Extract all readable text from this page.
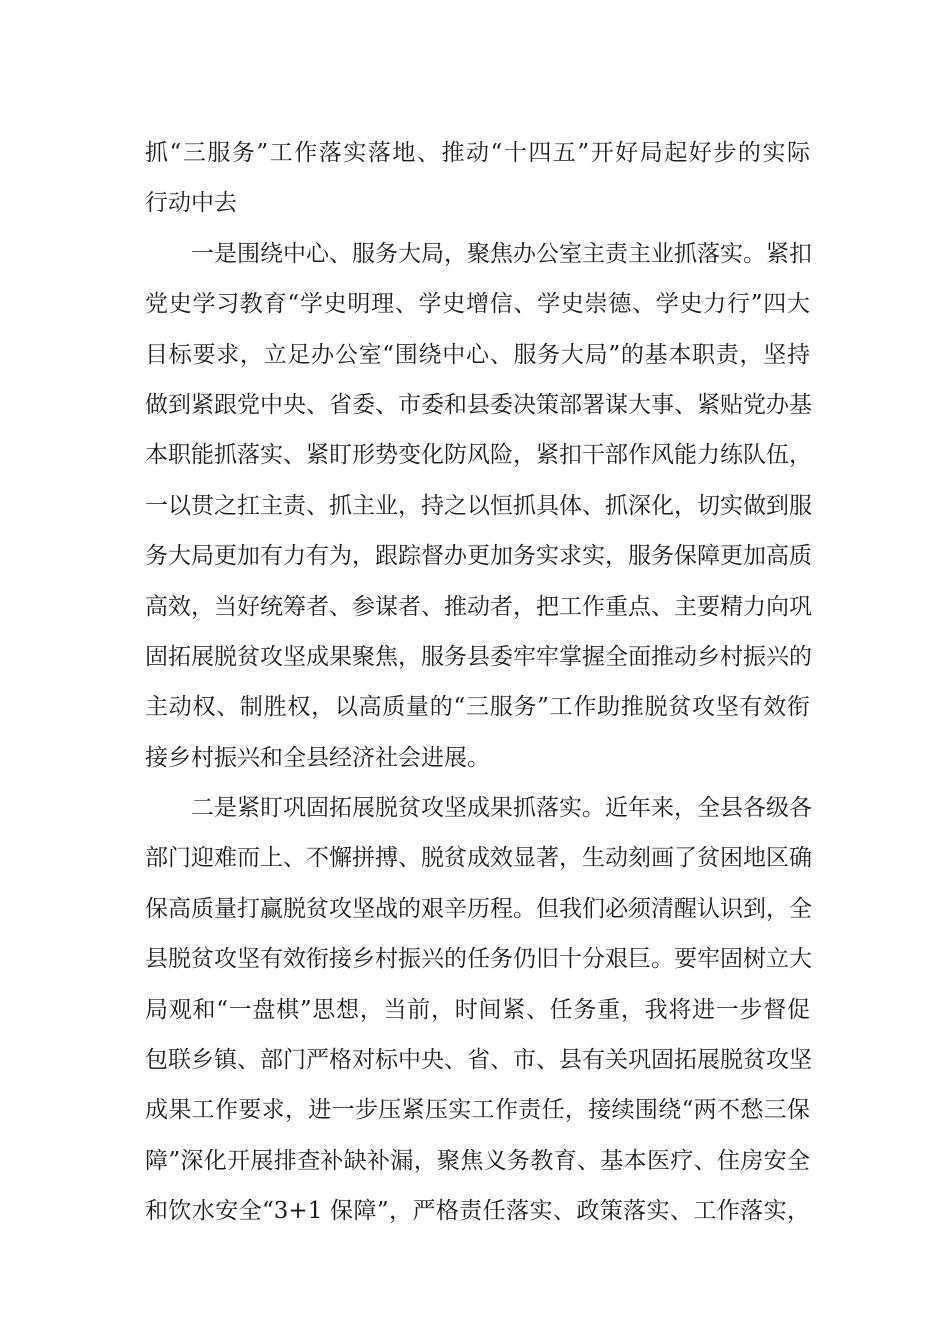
抓“三服务”工作落实落地、推动“十四五”开好局起好步的实际
行动中去
　　一是围绕中心、服务大局，聚焦办公室主责主业抓落实。紧扣
党史学习教育“学史明理、学史增信、学史崇德、学史力行”四大
目标要求，立足办公室“围绕中心、服务大局”的基本职责，坚持
做到紧跟党中央、省委、市委和县委决策部署谋大事、紧贴党办基
本职能抓落实、紧盯形势变化防风险，紧扣干部作风能力练队伍，
一以贯之扛主责、抓主业，持之以恒抓具体、抓深化，切实做到服
务大局更加有力有为，跟踪督办更加务实求实，服务保障更加高质
高效，当好统筹者、参谋者、推动者，把工作重点、主要精力向巩
固拓展脱贫攻坚成果聚焦，服务县委牢牢掌握全面推动乡村振兴的
主动权、制胜权，以高质量的“三服务”工作助推脱贫攻坚有效衔
接乡村振兴和全县经济社会进展。
　　二是紧盯巩固拓展脱贫攻坚成果抓落实。近年来，全县各级各
部门迎难而上、不懈拼搏、脱贫成效显著，生动刻画了贫困地区确
保高质量打赢脱贫攻坚战的艰辛历程。但我们必须清醒认识到，全
县脱贫攻坚有效衔接乡村振兴的任务仍旧十分艰巨。要牢固树立大
局观和“一盘棋”思想，当前，时间紧、任务重，我将进一步督促
包联乡镇、部门严格对标中央、省、市、县有关巩固拓展脱贫攻坚
成果工作要求，进一步压紧压实工作责任，接续围绕“两不愁三保
障”深化开展排查补缺补漏，聚焦义务教育、基本医疗、住房安全
和饮水安全“3+1 保障”，严格责任落实、政策落实、工作落实，
